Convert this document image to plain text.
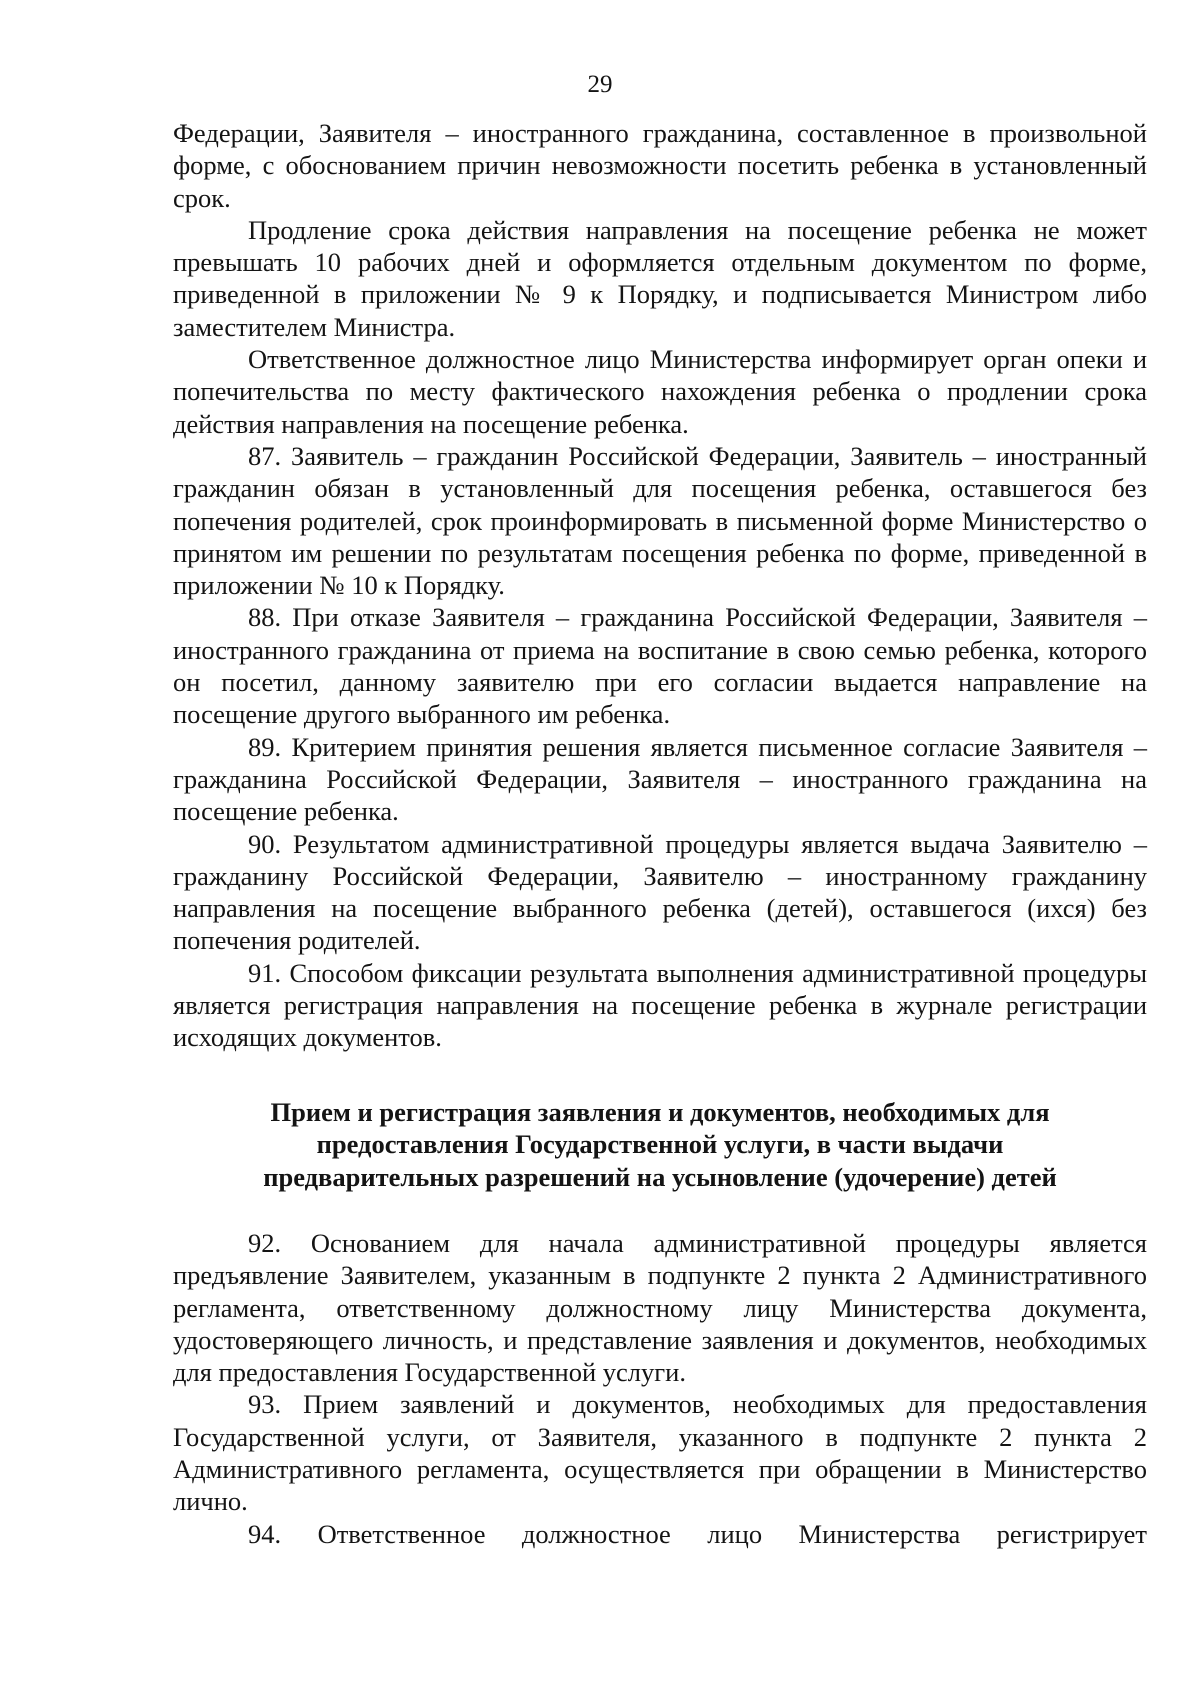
29

Федерации, Заявителя – иностранного гражданина, составленное в произвольной форме, с обоснованием причин невозможности посетить ребенка в установленный срок.

Продление срока действия направления на посещение ребенка не может превышать 10 рабочих дней и оформляется отдельным документом по форме, приведенной в приложении № 9 к Порядку, и подписывается Министром либо заместителем Министра.

Ответственное должностное лицо Министерства информирует орган опеки и попечительства по месту фактического нахождения ребенка о продлении срока действия направления на посещение ребенка.

87. Заявитель – гражданин Российской Федерации, Заявитель – иностранный гражданин обязан в установленный для посещения ребенка, оставшегося без попечения родителей, срок проинформировать в письменной форме Министерство о принятом им решении по результатам посещения ребенка по форме, приведенной в приложении № 10 к Порядку.

88. При отказе Заявителя – гражданина Российской Федерации, Заявителя – иностранного гражданина от приема на воспитание в свою семью ребенка, которого он посетил, данному заявителю при его согласии выдается направление на посещение другого выбранного им ребенка.

89. Критерием принятия решения является письменное согласие Заявителя – гражданина Российской Федерации, Заявителя – иностранного гражданина на посещение ребенка.

90. Результатом административной процедуры является выдача Заявителю – гражданину Российской Федерации, Заявителю – иностранному гражданину направления на посещение выбранного ребенка (детей), оставшегося (ихся) без попечения родителей.

91. Способом фиксации результата выполнения административной процедуры является регистрация направления на посещение ребенка в журнале регистрации исходящих документов.

Прием и регистрация заявления и документов, необходимых для
предоставления Государственной услуги, в части выдачи
предварительных разрешений на усыновление (удочерение) детей

92. Основанием для начала административной процедуры является предъявление Заявителем, указанным в подпункте 2 пункта 2 Административного регламента, ответственному должностному лицу Министерства документа, удостоверяющего личность, и представление заявления и документов, необходимых для предоставления Государственной услуги.

93. Прием заявлений и документов, необходимых для предоставления Государственной услуги, от Заявителя, указанного в подпункте 2 пункта 2 Административного регламента, осуществляется при обращении в Министерство лично.

94. Ответственное должностное лицо Министерства регистрирует
